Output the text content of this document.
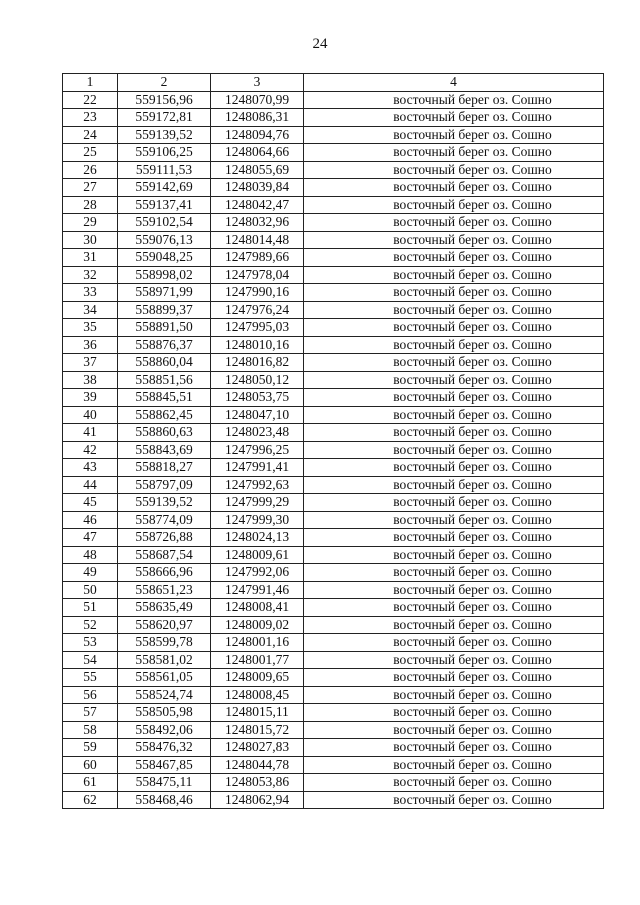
24
1	2	3	4
22	559156,96	1248070,99	восточный берег оз. Сошно
23	559172,81	1248086,31	восточный берег оз. Сошно
24	559139,52	1248094,76	восточный берег оз. Сошно
25	559106,25	1248064,66	восточный берег оз. Сошно
26	559111,53	1248055,69	восточный берег оз. Сошно
27	559142,69	1248039,84	восточный берег оз. Сошно
28	559137,41	1248042,47	восточный берег оз. Сошно
29	559102,54	1248032,96	восточный берег оз. Сошно
30	559076,13	1248014,48	восточный берег оз. Сошно
31	559048,25	1247989,66	восточный берег оз. Сошно
32	558998,02	1247978,04	восточный берег оз. Сошно
33	558971,99	1247990,16	восточный берег оз. Сошно
34	558899,37	1247976,24	восточный берег оз. Сошно
35	558891,50	1247995,03	восточный берег оз. Сошно
36	558876,37	1248010,16	восточный берег оз. Сошно
37	558860,04	1248016,82	восточный берег оз. Сошно
38	558851,56	1248050,12	восточный берег оз. Сошно
39	558845,51	1248053,75	восточный берег оз. Сошно
40	558862,45	1248047,10	восточный берег оз. Сошно
41	558860,63	1248023,48	восточный берег оз. Сошно
42	558843,69	1247996,25	восточный берег оз. Сошно
43	558818,27	1247991,41	восточный берег оз. Сошно
44	558797,09	1247992,63	восточный берег оз. Сошно
45	559139,52	1247999,29	восточный берег оз. Сошно
46	558774,09	1247999,30	восточный берег оз. Сошно
47	558726,88	1248024,13	восточный берег оз. Сошно
48	558687,54	1248009,61	восточный берег оз. Сошно
49	558666,96	1247992,06	восточный берег оз. Сошно
50	558651,23	1247991,46	восточный берег оз. Сошно
51	558635,49	1248008,41	восточный берег оз. Сошно
52	558620,97	1248009,02	восточный берег оз. Сошно
53	558599,78	1248001,16	восточный берег оз. Сошно
54	558581,02	1248001,77	восточный берег оз. Сошно
55	558561,05	1248009,65	восточный берег оз. Сошно
56	558524,74	1248008,45	восточный берег оз. Сошно
57	558505,98	1248015,11	восточный берег оз. Сошно
58	558492,06	1248015,72	восточный берег оз. Сошно
59	558476,32	1248027,83	восточный берег оз. Сошно
60	558467,85	1248044,78	восточный берег оз. Сошно
61	558475,11	1248053,86	восточный берег оз. Сошно
62	558468,46	1248062,94	восточный берег оз. Сошно
